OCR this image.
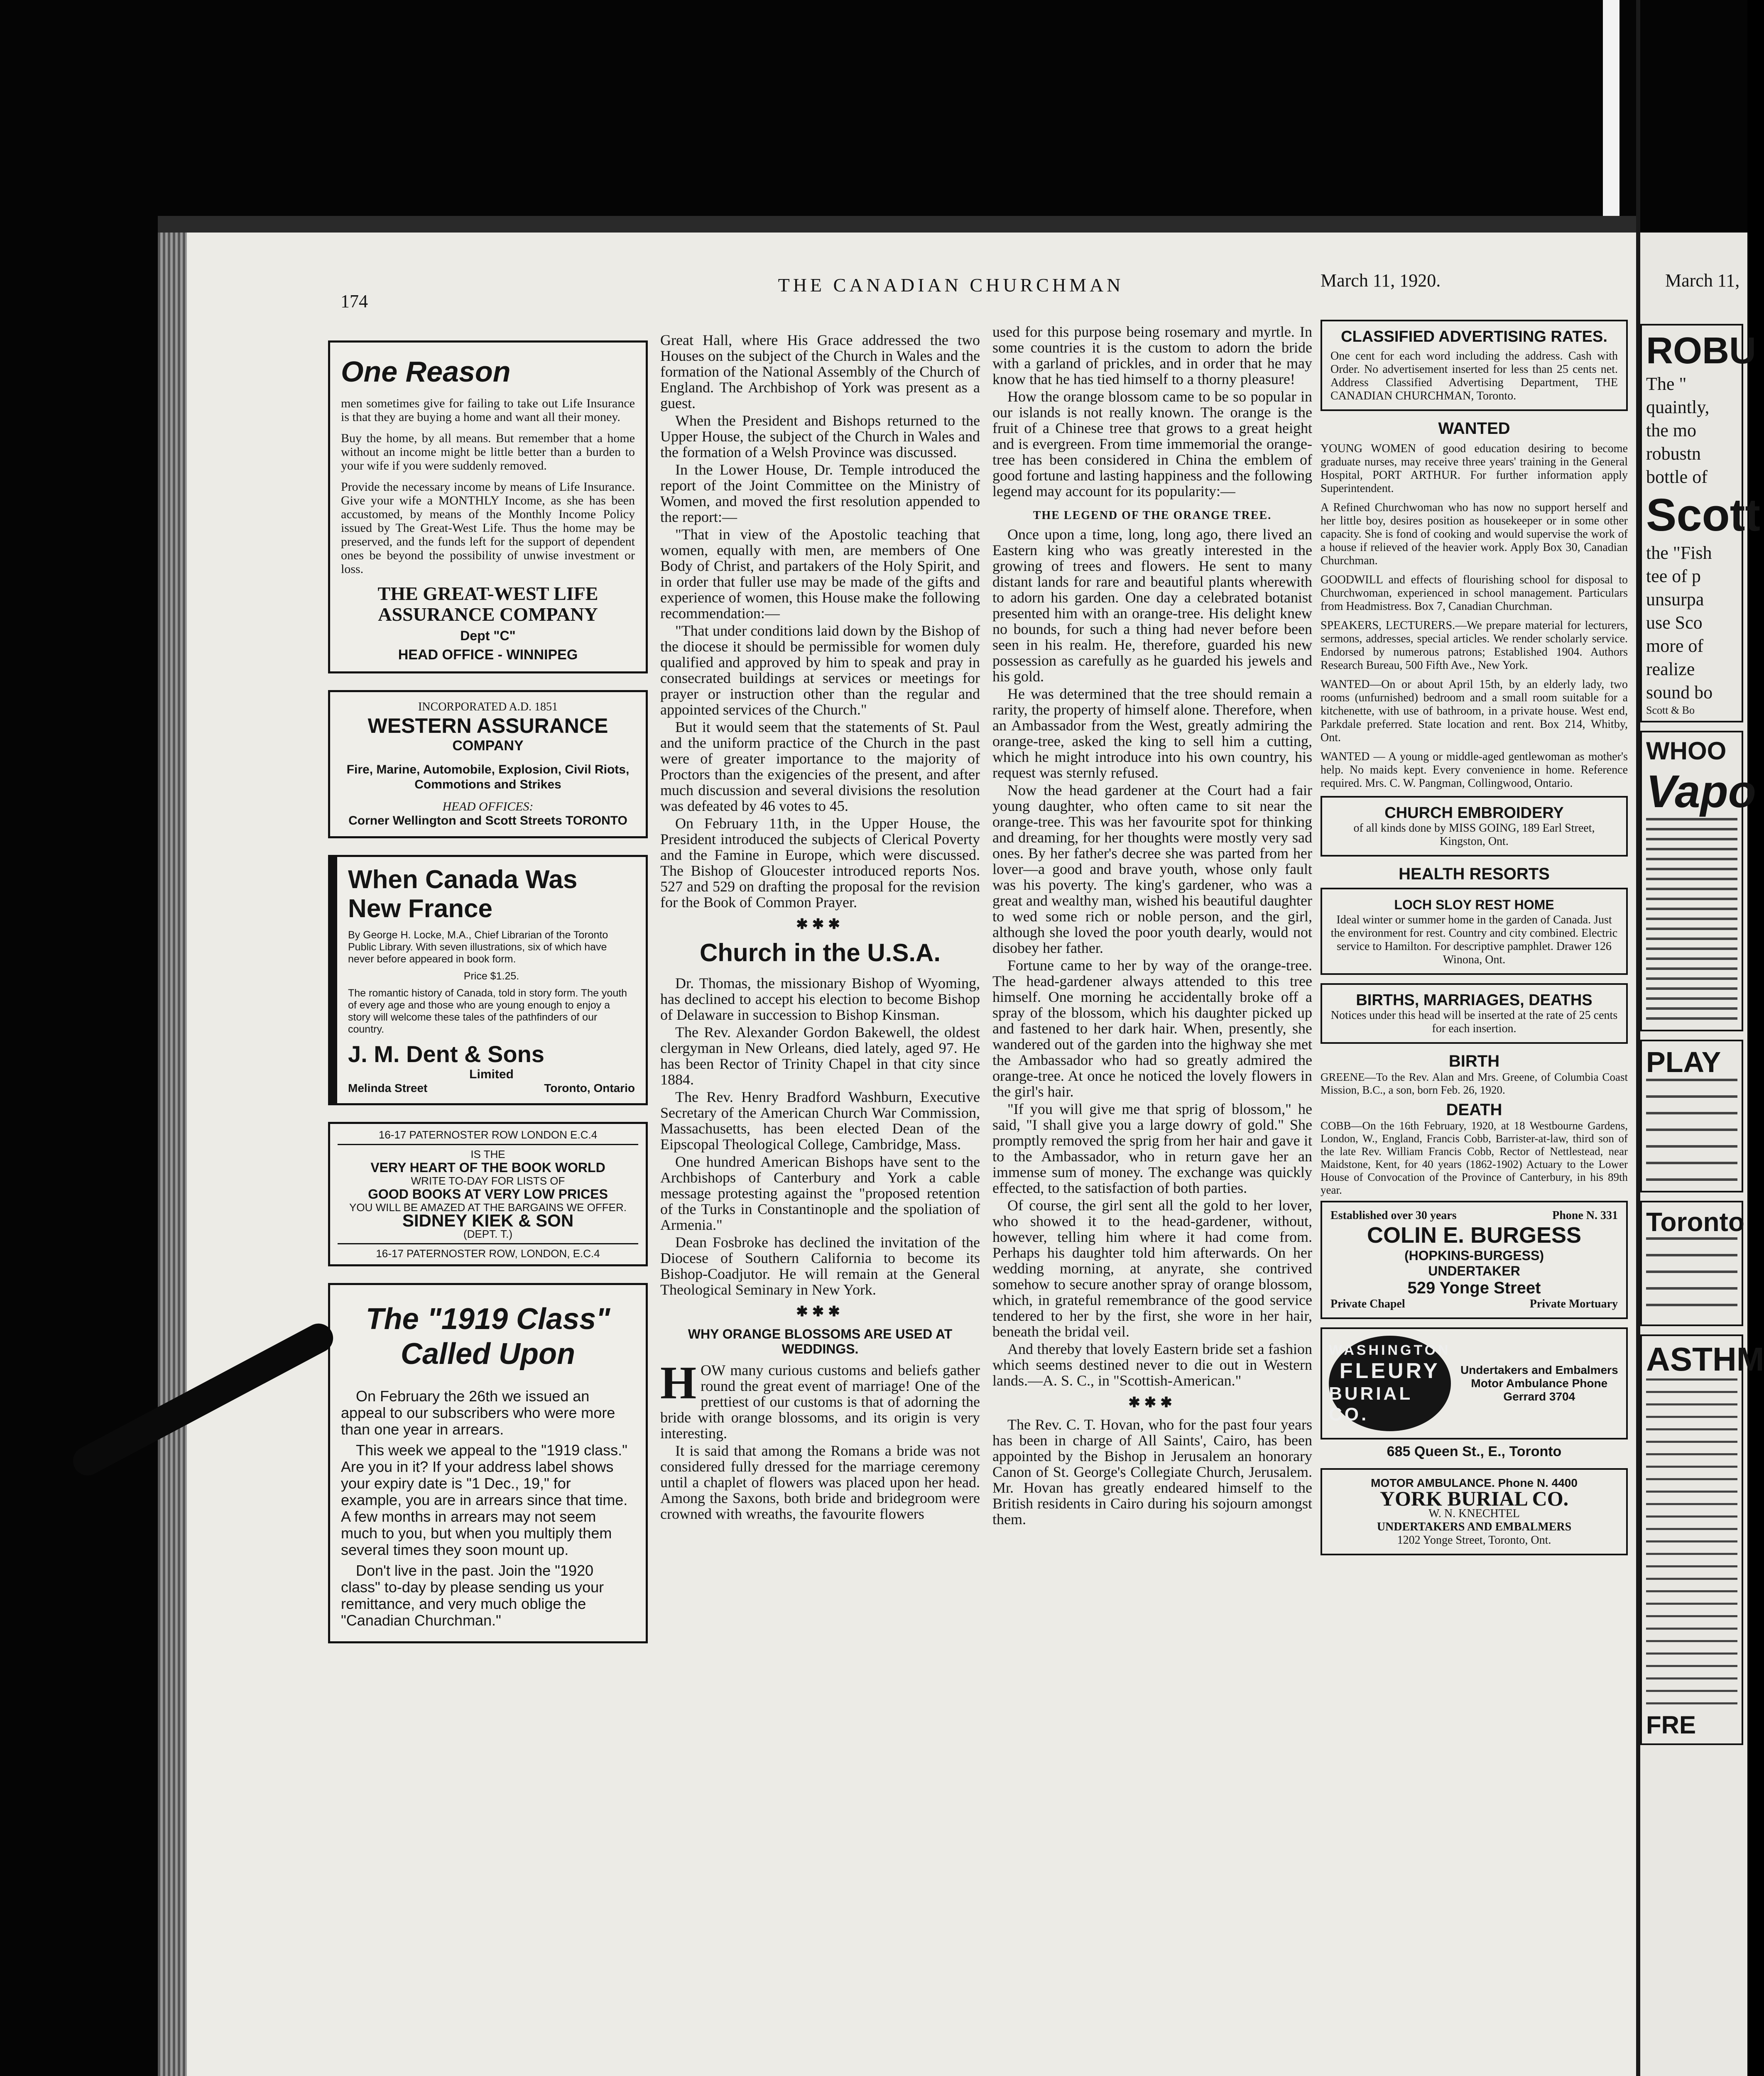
March 11,
ROBU
The "
quaintly,
the mo
robustn
bottle of
Scott
the "Fish
tee of p
unsurpa
use Sco
more of
realize
sound bo
Scott & Bo
WHOO
Vapo
PLAY
Toronto
ASTHM
FRE
174
THE CANADIAN CHURCHMAN	March 11, 1920.
One Reason

men sometimes give for failing to take out Life Insurance is that they are buying a home and want all their money.

Buy the home, by all means. But remember that a home without an income might be little better than a burden to your wife if you were suddenly removed.

Provide the necessary income by means of Life Insurance. Give your wife a MONTHLY Income, as she has been accustomed, by means of the Monthly Income Policy issued by The Great-West Life. Thus the home may be preserved, and the funds left for the support of dependent ones be beyond the possibility of unwise investment or loss.

THE GREAT-WEST LIFE ASSURANCE COMPANY
Dept "C"
HEAD OFFICE - WINNIPEG
INCORPORATED A.D. 1851
WESTERN ASSURANCE
COMPANY
Fire, Marine, Automobile, Explosion, Civil Riots, Commotions and Strikes
HEAD OFFICES:
Corner Wellington and Scott Streets TORONTO
When Canada Was New France

By George H. Locke, M.A., Chief Librarian of the Toronto Public Library. With seven illustrations, six of which have never before appeared in book form.

Price $1.25.

The romantic history of Canada, told in story form. The youth of every age and those who are young enough to enjoy a story will welcome these tales of the pathfinders of our country.

J. M. Dent & Sons
Limited
Melinda Street	Toronto, Ontario
16-17 PATERNOSTER ROW LONDON E.C.4
IS THE
VERY HEART OF THE BOOK WORLD
WRITE TO-DAY FOR LISTS OF
GOOD BOOKS AT VERY LOW PRICES
YOU WILL BE AMAZED AT THE BARGAINS WE OFFER.
SIDNEY KIEK & SON
(DEPT. T.)
16-17 PATERNOSTER ROW, LONDON, E.C.4
The "1919 Class" Called Upon

On February the 26th we issued an appeal to our subscribers who were more than one year in arrears.

This week we appeal to the "1919 class." Are you in it? If your address label shows your expiry date is "1 Dec., 19," for example, you are in arrears since that time. A few months in arrears may not seem much to you, but when you multiply them several times they soon mount up.

Don't live in the past. Join the "1920 class" to-day by please sending us your remittance, and very much oblige the "Canadian Churchman."

Great Hall, where His Grace addressed the two Houses on the subject of the Church in Wales and the formation of the National Assembly of the Church of England. The Archbishop of York was present as a guest.

When the President and Bishops returned to the Upper House, the subject of the Church in Wales and the formation of a Welsh Province was discussed.

In the Lower House, Dr. Temple introduced the report of the Joint Committee on the Ministry of Women, and moved the first resolution appended to the report:—

"That in view of the Apostolic teaching that women, equally with men, are members of One Body of Christ, and partakers of the Holy Spirit, and in order that fuller use may be made of the gifts and experience of women, this House make the following recommendation:—

"That under conditions laid down by the Bishop of the diocese it should be permissible for women duly qualified and approved by him to speak and pray in consecrated buildings at services or meetings for prayer or instruction other than the regular and appointed services of the Church."

But it would seem that the statements of St. Paul and the uniform practice of the Church in the past were of greater importance to the majority of Proctors than the exigencies of the present, and after much discussion and several divisions the resolution was defeated by 46 votes to 45.

On February 11th, in the Upper House, the President introduced the subjects of Clerical Poverty and the Famine in Europe, which were discussed. The Bishop of Gloucester introduced reports Nos. 527 and 529 on drafting the proposal for the revision for the Book of Common Prayer.

✱✱✱
Church in the U.S.A.

Dr. Thomas, the missionary Bishop of Wyoming, has declined to accept his election to become Bishop of Delaware in succession to Bishop Kinsman.

The Rev. Alexander Gordon Bakewell, the oldest clergyman in New Orleans, died lately, aged 97. He has been Rector of Trinity Chapel in that city since 1884.

The Rev. Henry Bradford Washburn, Executive Secretary of the American Church War Commission, Massachusetts, has been elected Dean of the Eipscopal Theological College, Cambridge, Mass.

One hundred American Bishops have sent to the Archbishops of Canterbury and York a cable message protesting against the "proposed retention of the Turks in Constantinople and the spoliation of Armenia."

Dean Fosbroke has declined the invitation of the Diocese of Southern California to become its Bishop-Coadjutor. He will remain at the General Theological Seminary in New York.

✱✱✱
WHY ORANGE BLOSSOMS ARE USED AT WEDDINGS.

HOW many curious customs and beliefs gather round the great event of marriage! One of the prettiest of our customs is that of adorning the bride with orange blossoms, and its origin is very interesting.

It is said that among the Romans a bride was not considered fully dressed for the marriage ceremony until a chaplet of flowers was placed upon her head. Among the Saxons, both bride and bridegroom were crowned with wreaths, the favourite flowers

used for this purpose being rosemary and myrtle. In some countries it is the custom to adorn the bride with a garland of prickles, and in order that he may know that he has tied himself to a thorny pleasure!

How the orange blossom came to be so popular in our islands is not really known. The orange is the fruit of a Chinese tree that grows to a great height and is evergreen. From time immemorial the orange-tree has been considered in China the emblem of good fortune and lasting happiness and the following legend may account for its popularity:—

THE LEGEND OF THE ORANGE TREE.

Once upon a time, long, long ago, there lived an Eastern king who was greatly interested in the growing of trees and flowers. He sent to many distant lands for rare and beautiful plants wherewith to adorn his garden. One day a celebrated botanist presented him with an orange-tree. His delight knew no bounds, for such a thing had never before been seen in his realm. He, therefore, guarded his new possession as carefully as he guarded his jewels and his gold.

He was determined that the tree should remain a rarity, the property of himself alone. Therefore, when an Ambassador from the West, greatly admiring the orange-tree, asked the king to sell him a cutting, which he might introduce into his own country, his request was sternly refused.

Now the head gardener at the Court had a fair young daughter, who often came to sit near the orange-tree. This was her favourite spot for thinking and dreaming, for her thoughts were mostly very sad ones. By her father's decree she was parted from her lover—a good and brave youth, whose only fault was his poverty. The king's gardener, who was a great and wealthy man, wished his beautiful daughter to wed some rich or noble person, and the girl, although she loved the poor youth dearly, would not disobey her father.

Fortune came to her by way of the orange-tree. The head-gardener always attended to this tree himself. One morning he accidentally broke off a spray of the blossom, which his daughter picked up and fastened to her dark hair. When, presently, she wandered out of the garden into the highway she met the Ambassador who had so greatly admired the orange-tree. At once he noticed the lovely flowers in the girl's hair.

"If you will give me that sprig of blossom," he said, "I shall give you a large dowry of gold." She promptly removed the sprig from her hair and gave it to the Ambassador, who in return gave her an immense sum of money. The exchange was quickly effected, to the satisfaction of both parties.

Of course, the girl sent all the gold to her lover, who showed it to the head-gardener, without, however, telling him where it had come from. Perhaps his daughter told him afterwards. On her wedding morning, at anyrate, she contrived somehow to secure another spray of orange blossom, which, in grateful remembrance of the good service tendered to her by the first, she wore in her hair, beneath the bridal veil.

And thereby that lovely Eastern bride set a fashion which seems destined never to die out in Western lands.—A. S. C., in "Scottish-American."

✱✱✱

The Rev. C. T. Hovan, who for the past four years has been in charge of All Saints', Cairo, has been appointed by the Bishop in Jerusalem an honorary Canon of St. George's Collegiate Church, Jerusalem. Mr. Hovan has greatly endeared himself to the British residents in Cairo during his sojourn amongst them.

CLASSIFIED ADVERTISING RATES.
One cent for each word including the address. Cash with Order. No advertisement inserted for less than 25 cents net. Address Classified Advertising Department, THE CANADIAN CHURCHMAN, Toronto.
WANTED

YOUNG WOMEN of good education desiring to become graduate nurses, may receive three years' training in the General Hospital, PORT ARTHUR. For further information apply Superintendent.

A Refined Churchwoman who has now no support herself and her little boy, desires position as housekeeper or in some other capacity. She is fond of cooking and would supervise the work of a house if relieved of the heavier work. Apply Box 30, Canadian Churchman.

GOODWILL and effects of flourishing school for disposal to Churchwoman, experienced in school management. Particulars from Headmistress. Box 7, Canadian Churchman.

SPEAKERS, LECTURERS.—We prepare material for lecturers, sermons, addresses, special articles. We render scholarly service. Endorsed by numerous patrons; Established 1904. Authors Research Bureau, 500 Fifth Ave., New York.

WANTED—On or about April 15th, by an elderly lady, two rooms (unfurnished) bedroom and a small room suitable for a kitchenette, with use of bathroom, in a private house. West end, Parkdale preferred. State location and rent. Box 214, Whitby, Ont.

WANTED — A young or middle-aged gentlewoman as mother's help. No maids kept. Every convenience in home. Reference required. Mrs. C. W. Pangman, Collingwood, Ontario.

CHURCH EMBROIDERY
of all kinds done by MISS GOING, 189 Earl Street, Kingston, Ont.
HEALTH RESORTS
LOCH SLOY REST HOME
Ideal winter or summer home in the garden of Canada. Just the environment for rest. Country and city combined. Electric service to Hamilton. For descriptive pamphlet. Drawer 126 Winona, Ont.
BIRTHS, MARRIAGES, DEATHS
Notices under this head will be inserted at the rate of 25 cents for each insertion.
BIRTH

GREENE—To the Rev. Alan and Mrs. Greene, of Columbia Coast Mission, B.C., a son, born Feb. 26, 1920.

DEATH

COBB—On the 16th February, 1920, at 18 Westbourne Gardens, London, W., England, Francis Cobb, Barrister-at-law, third son of the late Rev. William Francis Cobb, Rector of Nettlestead, near Maidstone, Kent, for 40 years (1862-1902) Actuary to the Lower House of Convocation of the Province of Canterbury, in his 89th year.

Established over 30 years	Phone N. 331
COLIN E. BURGESS
(HOPKINS-BURGESS)
UNDERTAKER
529 Yonge Street
Private Chapel	Private Mortuary
WASHINGTON
FLEURY
BURIAL CO.
Undertakers and Embalmers Motor Ambulance Phone Gerrard 3704
685 Queen St., E., Toronto
MOTOR AMBULANCE. Phone N. 4400
YORK BURIAL CO.
W. N. KNECHTEL
UNDERTAKERS AND EMBALMERS
1202 Yonge Street, Toronto, Ont.
